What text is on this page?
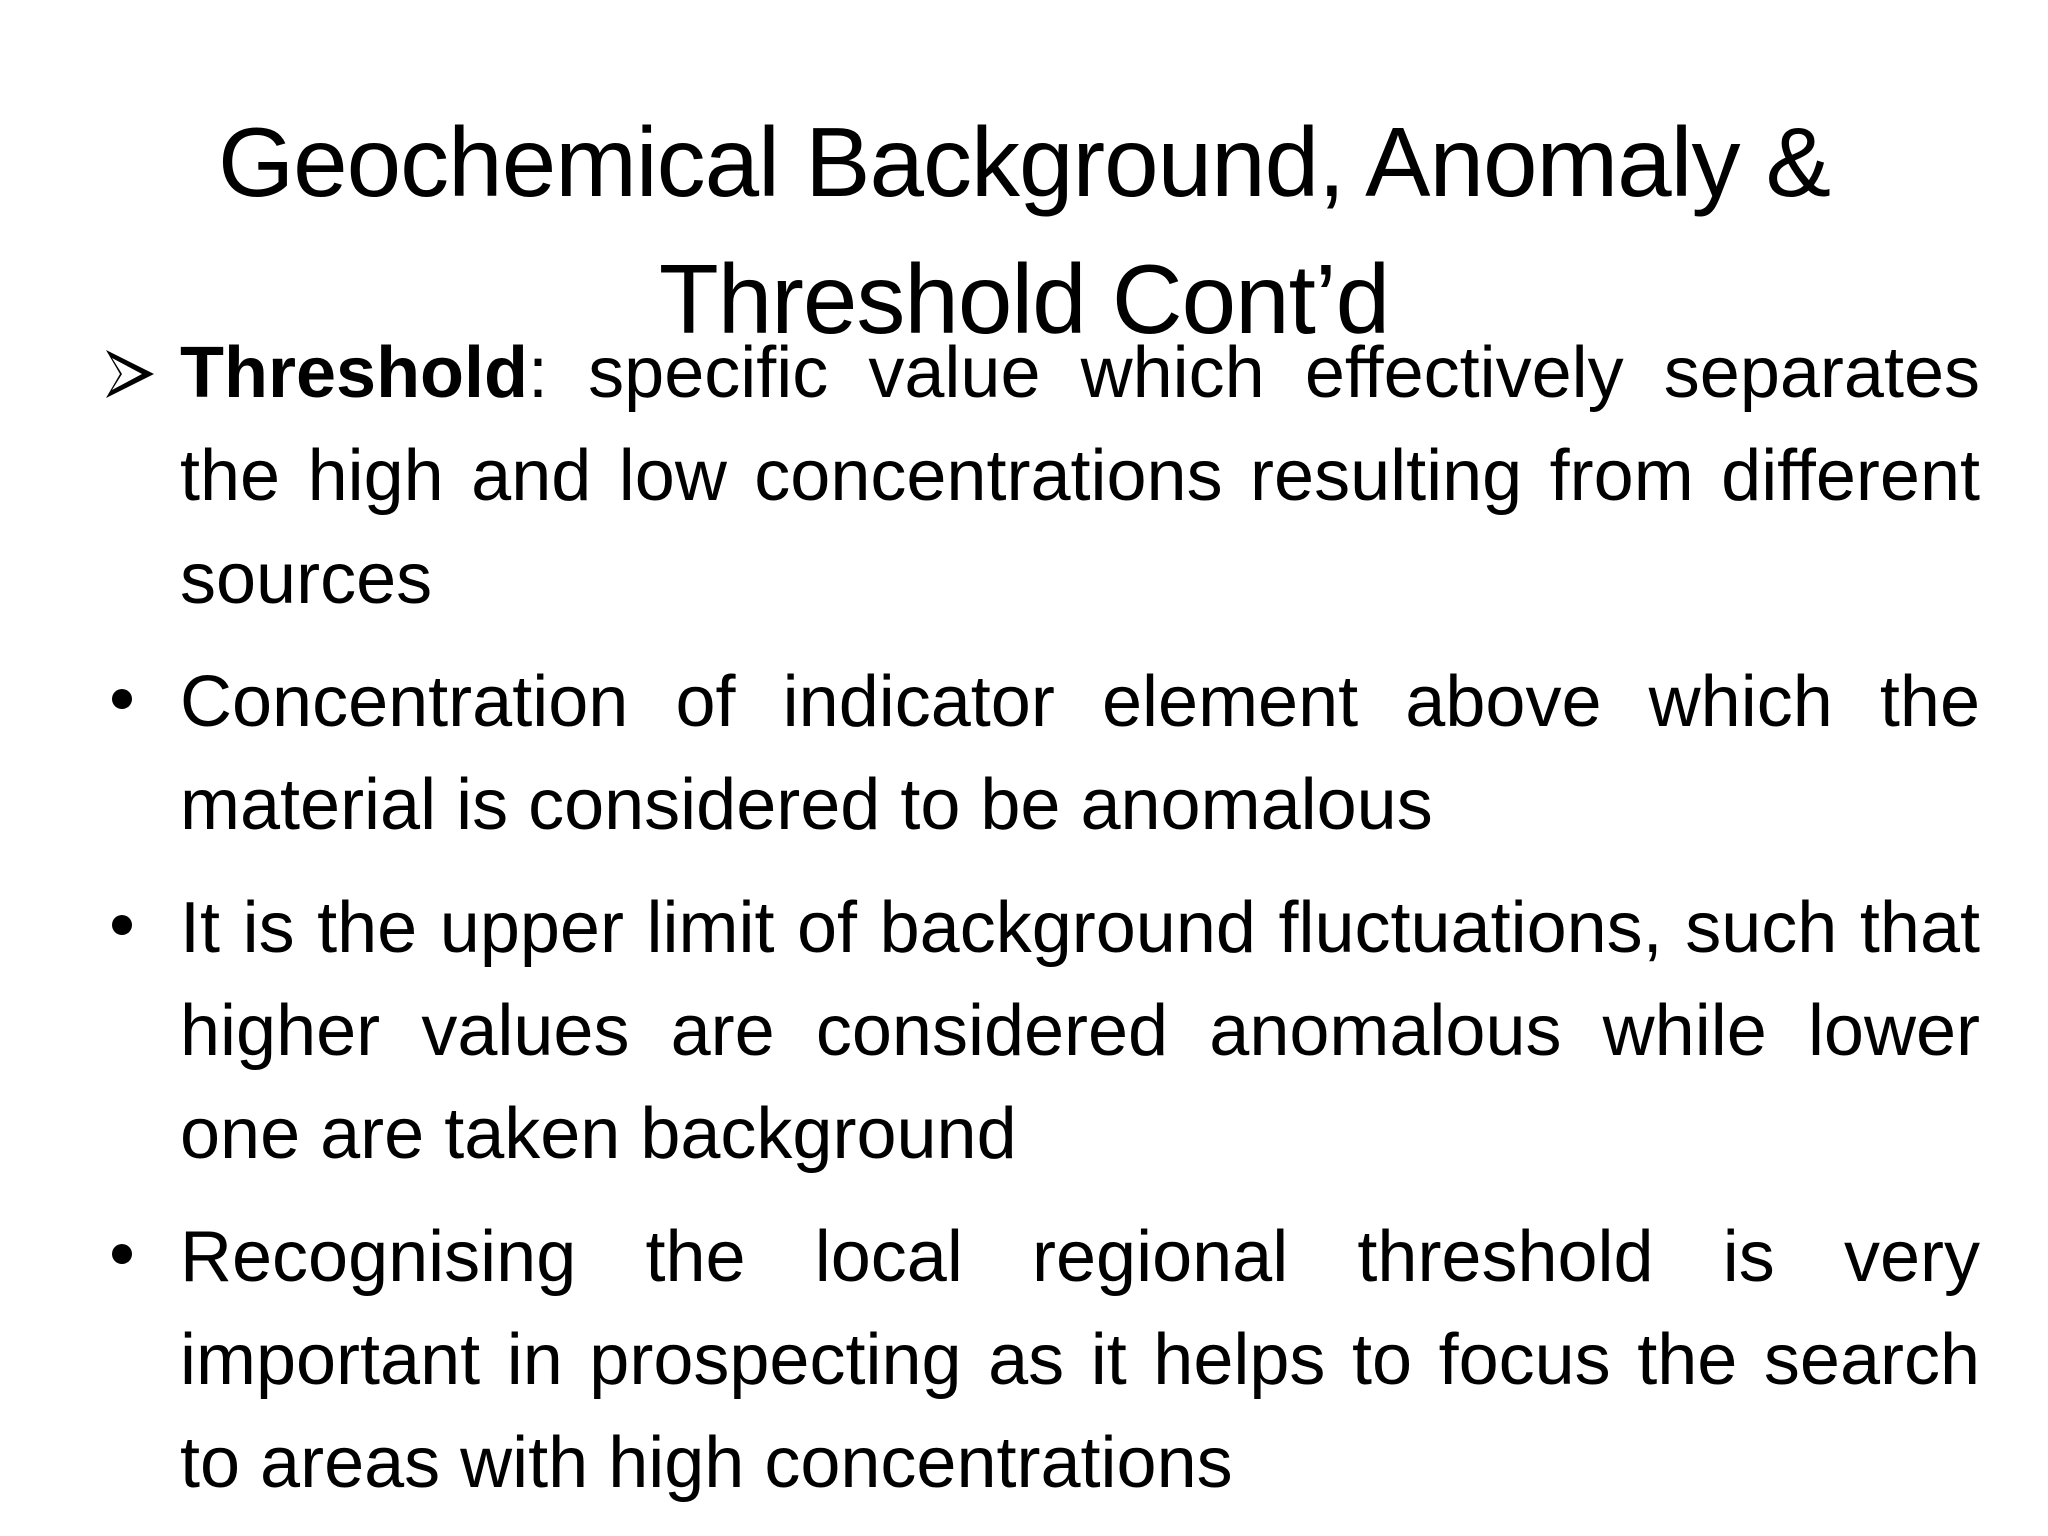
Geochemical Background, Anomaly &
Threshold Cont’d
Threshold: specific value which effectively separates the high and low concentrations resulting from different sources
Concentration of indicator element above which the material is considered to be anomalous
It is the upper limit of background fluctuations, such that higher values are considered anomalous while lower one are taken background
Recognising the local regional threshold is very important in prospecting as it helps to focus the search to areas with high concentrations
